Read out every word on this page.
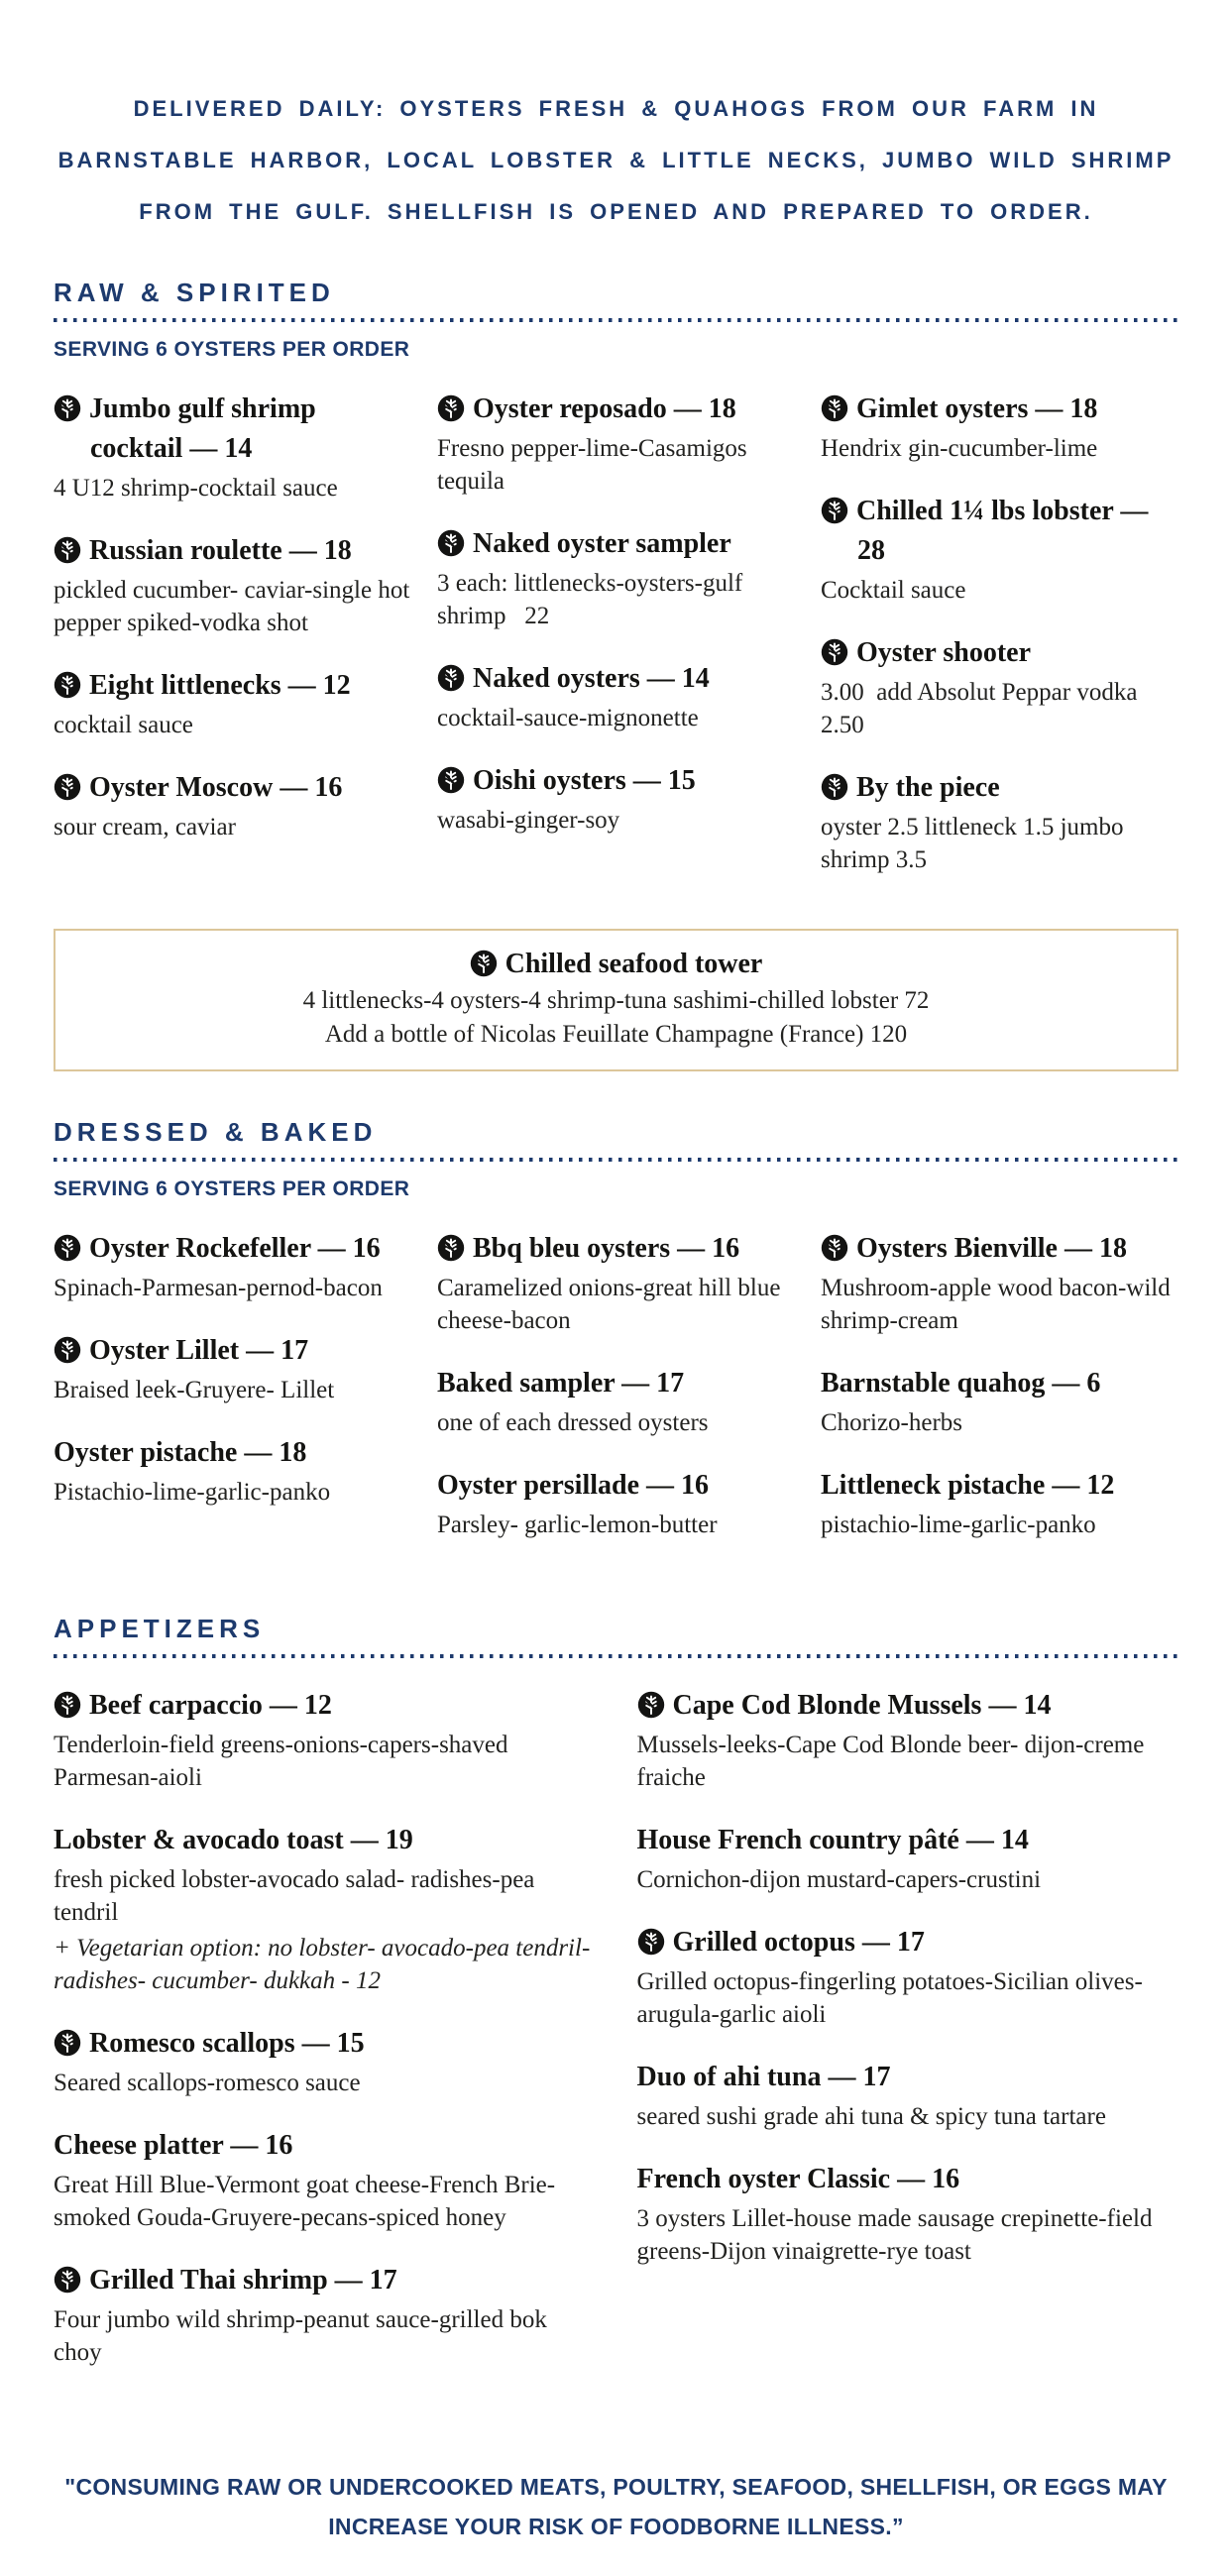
DELIVERED DAILY: OYSTERS FRESH & QUAHOGS FROM OUR FARM IN BARNSTABLE HARBOR, LOCAL LOBSTER & LITTLE NECKS, JUMBO WILD SHRIMP FROM THE GULF. SHELLFISH IS OPENED AND PREPARED TO ORDER.

RAW & SPIRITED
SERVING 6 OYSTERS PER ORDER
Jumbo gulf shrimp cocktail — 14
4 U12 shrimp-cocktail sauce
Russian roulette — 18
pickled cucumber- caviar-single hot pepper spiked-vodka shot
Eight littlenecks — 12
cocktail sauce
Oyster Moscow — 16
sour cream, caviar
Oyster reposado — 18
Fresno pepper-lime-Casamigos tequila
Naked oyster sampler
3 each: littlenecks-oysters-gulf shrimp  22
Naked oysters — 14
cocktail-sauce-mignonette
Oishi oysters — 15
wasabi-ginger-soy
Gimlet oysters — 18
Hendrix gin-cucumber-lime
Chilled 1¼ lbs lobster — 28
Cocktail sauce
Oyster shooter
3.00 add Absolut Peppar vodka 2.50
By the piece
oyster 2.5 littleneck 1.5 jumbo shrimp 3.5
Chilled seafood tower
4 littlenecks-4 oysters-4 shrimp-tuna sashimi-chilled lobster 72
Add a bottle of Nicolas Feuillate Champagne (France) 120
DRESSED & BAKED
SERVING 6 OYSTERS PER ORDER
Oyster Rockefeller — 16
Spinach-Parmesan-pernod-bacon
Oyster Lillet — 17
Braised leek-Gruyere- Lillet
Oyster pistache — 18
Pistachio-lime-garlic-panko
Bbq bleu oysters — 16
Caramelized onions-great hill blue cheese-bacon
Baked sampler — 17
one of each dressed oysters
Oyster persillade — 16
Parsley- garlic-lemon-butter
Oysters Bienville — 18
Mushroom-apple wood bacon-wild shrimp-cream
Barnstable quahog — 6
Chorizo-herbs
Littleneck pistache — 12
pistachio-lime-garlic-panko
APPETIZERS
Beef carpaccio — 12
Tenderloin-field greens-onions-capers-shaved Parmesan-aioli
Lobster & avocado toast — 19
fresh picked lobster-avocado salad- radishes-pea tendril
+ Vegetarian option: no lobster- avocado-pea tendril-radishes- cucumber- dukkah - 12
Romesco scallops — 15
Seared scallops-romesco sauce
Cheese platter — 16
Great Hill Blue-Vermont goat cheese-French Brie-smoked Gouda-Gruyere-pecans-spiced honey
Grilled Thai shrimp — 17
Four jumbo wild shrimp-peanut sauce-grilled bok choy
Cape Cod Blonde Mussels — 14
Mussels-leeks-Cape Cod Blonde beer- dijon-creme fraiche
House French country pâté — 14
Cornichon-dijon mustard-capers-crustini
Grilled octopus — 17
Grilled octopus-fingerling potatoes-Sicilian olives-arugula-garlic aioli
Duo of ahi tuna — 17
seared sushi grade ahi tuna & spicy tuna tartare
French oyster Classic — 16
3 oysters Lillet-house made sausage crepinette-field greens-Dijon vinaigrette-rye toast

"CONSUMING RAW OR UNDERCOOKED MEATS, POULTRY, SEAFOOD, SHELLFISH, OR EGGS MAY INCREASE YOUR RISK OF FOODBORNE ILLNESS.”
